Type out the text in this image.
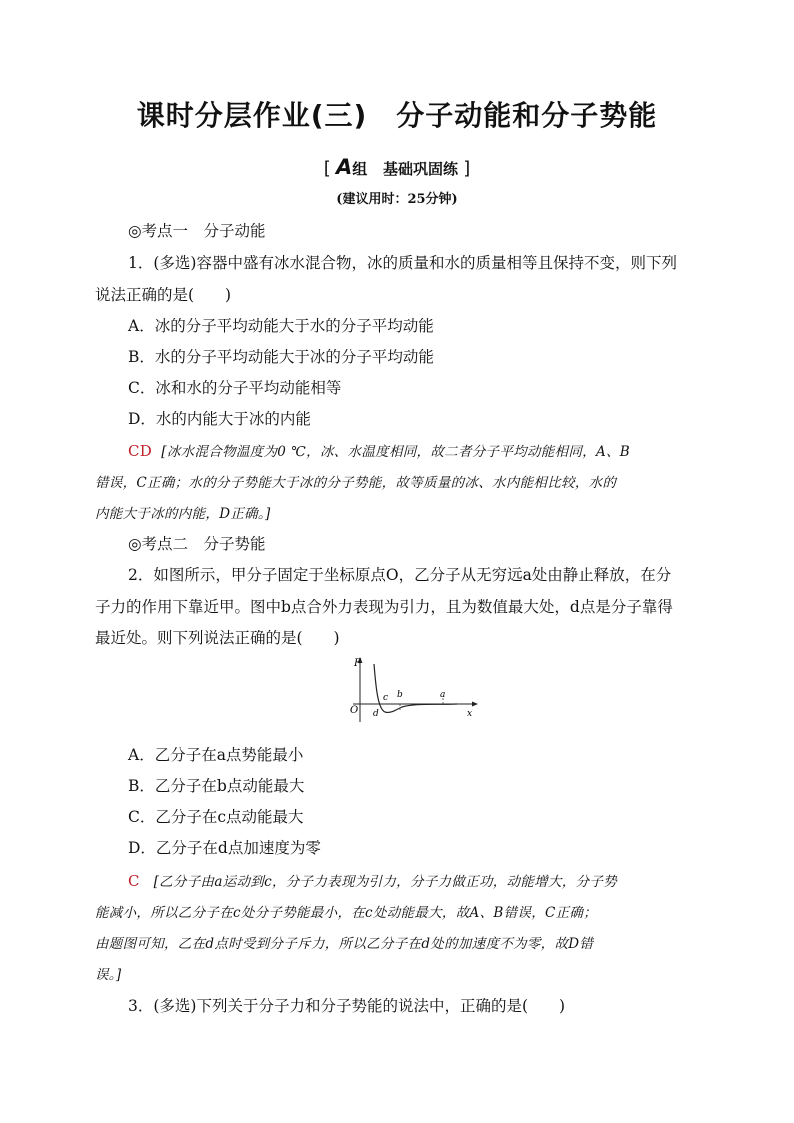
课时分层作业(三)　分子动能和分子势能
[ A组 基础巩固练 ]
(建议用时：25分钟)
◎考点一　分子动能
1．(多选)容器中盛有冰水混合物，冰的质量和水的质量相等且保持不变，则下列
说法正确的是(　　)
A．冰的分子平均动能大于水的分子平均动能
B．水的分子平均动能大于冰的分子平均动能
C．冰和水的分子平均动能相等
D．水的内能大于冰的内能
CD [冰水混合物温度为0 ℃，冰、水温度相同，故二者分子平均动能相同，A、B
错误，C正确；水的分子势能大于冰的分子势能，故等质量的冰、水内能相比较，水的
内能大于冰的内能，D正确。]
◎考点二　分子势能
2．如图所示，甲分子固定于坐标原点O，乙分子从无穷远a处由静止释放，在分
子力的作用下靠近甲。图中b点合外力表现为引力，且为数值最大处，d点是分子靠得
最近处。则下列说法正确的是(　　)
F
x
O
a
b
c
d
A．乙分子在a点势能最小
B．乙分子在b点动能最大
C．乙分子在c点动能最大
D．乙分子在d点加速度为零
C [乙分子由a运动到c，分子力表现为引力，分子力做正功，动能增大，分子势
能减小，所以乙分子在c处分子势能最小，在c处动能最大，故A、B错误，C正确；
由题图可知，乙在d点时受到分子斥力，所以乙分子在d处的加速度不为零，故D错
误。]
3．(多选)下列关于分子力和分子势能的说法中，正确的是(　　)
